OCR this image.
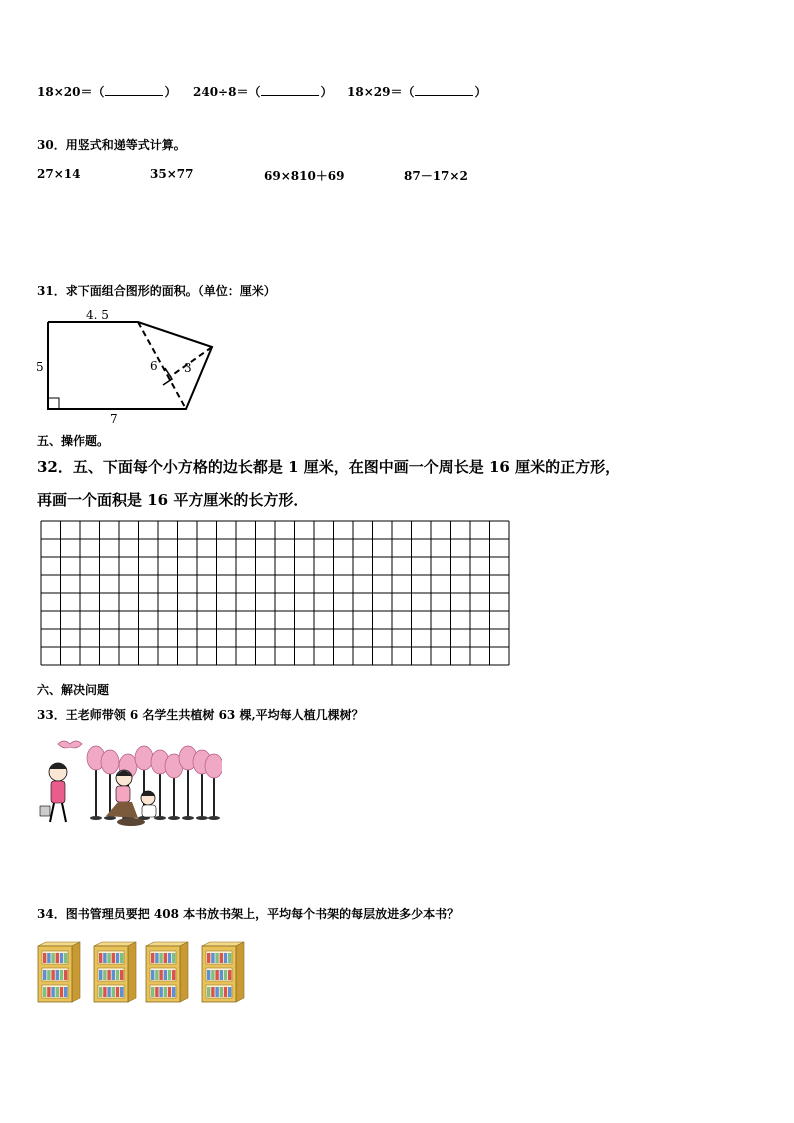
18×20＝（	） 240÷8＝（	） 18×29＝（	）
30．用竖式和递等式计算。
27×14	35×77	69×810＋69	87－17×2
31．求下面组合图形的面积。（单位：厘米）
4. 5
5
7
6 3
五、操作题。
32．五、下面每个小方格的边长都是 1 厘米，在图中画一个周长是 16 厘米的正方形，
再画一个面积是 16 平方厘米的长方形．
六、解决问题
33．王老师带领 6 名学生共植树 63 棵,平均每人植几棵树？
34．图书管理员要把 408 本书放书架上，平均每个书架的每层放进多少本书？
